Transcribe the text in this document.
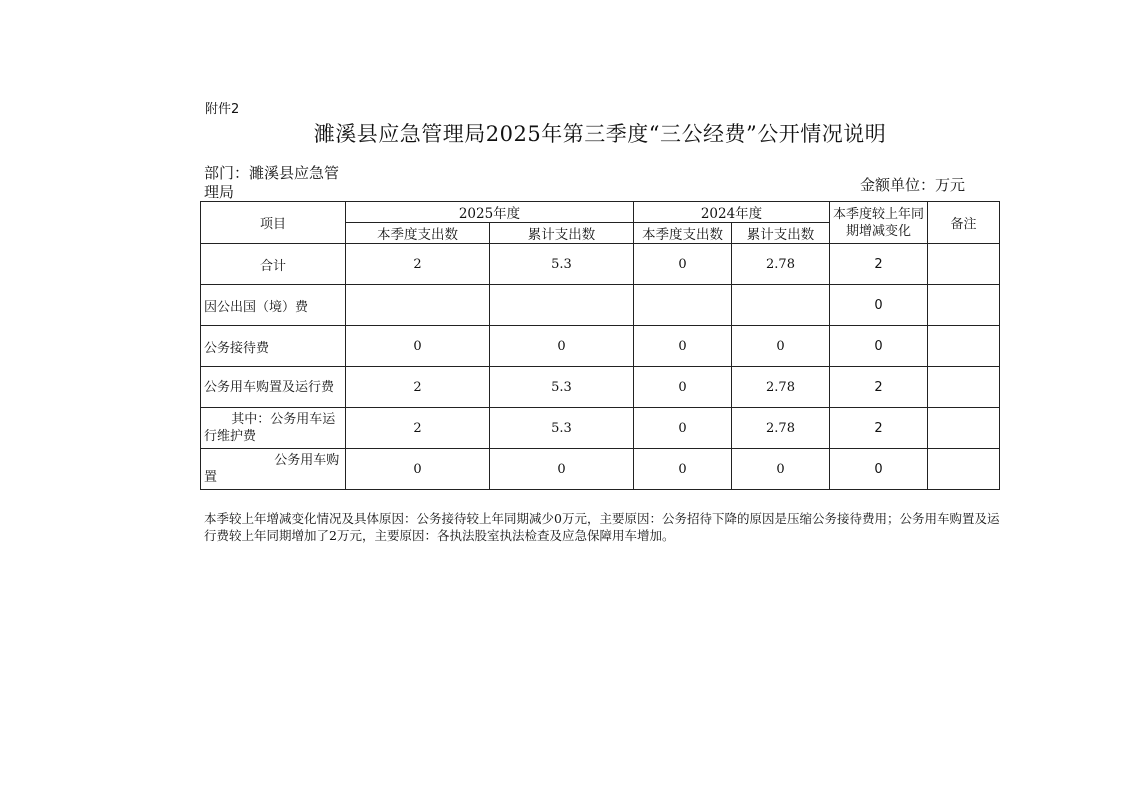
附件2
濉溪县应急管理局2025年第三季度“三公经费”公开情况说明
部门：濉溪县应急管理局	金额单位：万元
项目	2025年度		2024年度		本季度较上年同期增减变化	备注
	本季度支出数	累计支出数	本季度支出数	累计支出数		
合计	2	5.3	0	2.78	2	
因公出国（境）费					0	
公务接待费	0	0	0	0	0	
公务用车购置及运行费	2	5.3	0	2.78	2	
其中：公务用车运行维护费	2	5.3	0	2.78	2	
公务用车购置	0	0	0	0	0	
本季较上年增减变化情况及具体原因：公务接待较上年同期减少0万元，主要原因：公务招待下降的原因是压缩公务接待费用；公务用车购置及运行费较上年同期增加了2万元，主要原因：各执法股室执法检查及应急保障用车增加。
